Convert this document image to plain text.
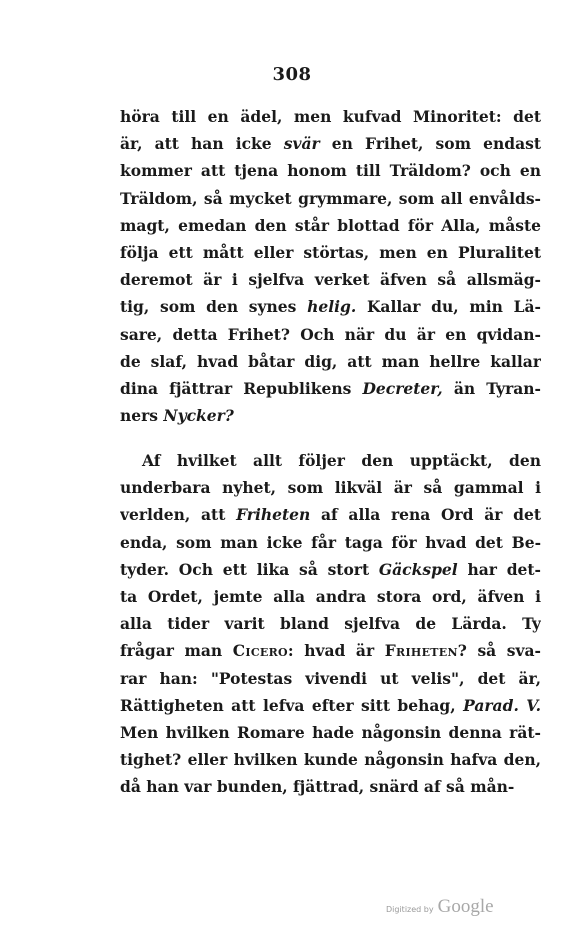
308
höra till en ädel, men kufvad Minoritet: det
är, att han icke svär en Frihet, som endast
kommer att tjena honom till Träldom? och en
Träldom, så mycket grymmare, som all envålds-
magt, emedan den står blottad för Alla, måste
följa ett mått eller störtas, men en Pluralitet
deremot är i sjelfva verket äfven så allsmäg-
tig, som den synes helig. Kallar du, min Lä-
sare, detta Frihet? Och när du är en qvidan-
de slaf, hvad båtar dig, att man hellre kallar
dina fjättrar Republikens Decreter, än Tyran-
ners Nycker?
Af hvilket allt följer den upptäckt, den
underbara nyhet, som likväl är så gammal i
verlden, att Friheten af alla rena Ord är det
enda, som man icke får taga för hvad det Be-
tyder. Och ett lika så stort Gäckspel har det-
ta Ordet, jemte alla andra stora ord, äfven i
alla tider varit bland sjelfva de Lärda. Ty
frågar man Cicero: hvad är Friheten? så sva-
rar han: "Potestas vivendi ut velis", det är,
Rättigheten att lefva efter sitt behag, Parad. V.
Men hvilken Romare hade någonsin denna rät-
tighet? eller hvilken kunde någonsin hafva den,
då han var bunden, fjättrad, snärd af så mån-
Digitized by Google
